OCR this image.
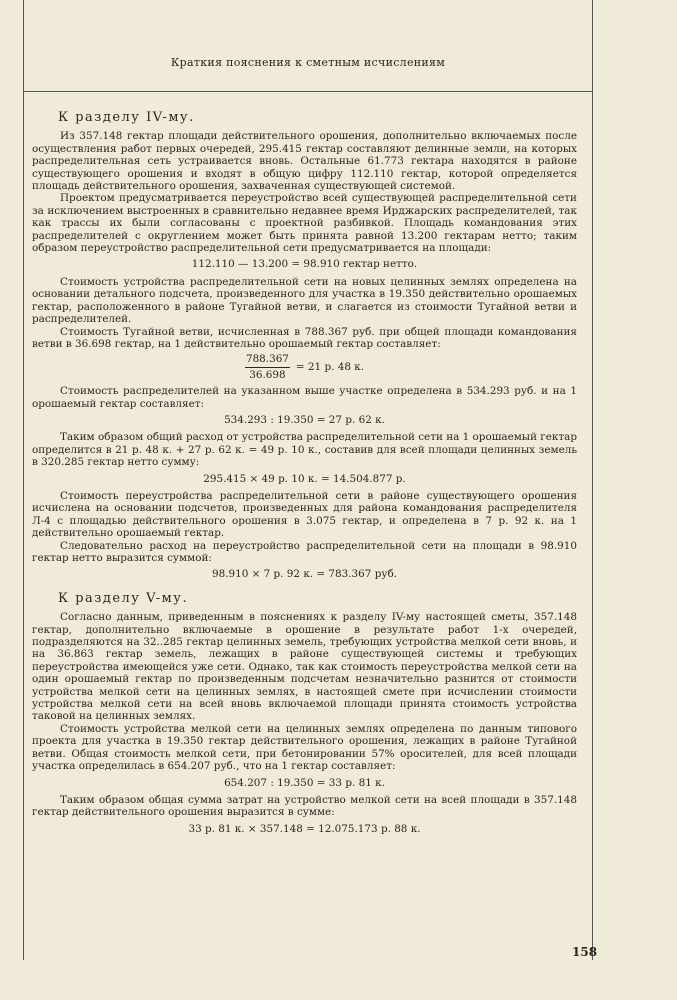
Краткия пояснения к сметным исчислениям
К разделу IV-му.

Из 357.148 гектар площади действительного орошения, дополнительно включаемых после осуществления работ первых очередей, 295.415 гектар составляют делинные земли, на которых распределительная сеть устраивается вновь. Остальные 61.773 гектара находятся в районе существующего орошения и входят в общую цифру 112.110 гектар, которой определяется площадь действительного орошения, захваченная существующей системой.

Проектом предусматривается переустройство всей существующей распределительной сети за исключением выстроенных в сравнительно недавнее время Ирджарских распределителей, так как трассы их были согласованы с проектной разбивкой. Площадь командования этих распределителей с округлением может быть принята равной 13.200 гектарам нетто; таким образом переустройство распределительной сети предусматривается на площади:

112.110 — 13.200 = 98.910 гектар нетто.

Стоимость устройства распределительной сети на новых целинных землях определена на основании детального подсчета, произведенного для участка в 19.350 действительно орошаемых гектар, расположенного в районе Тугайной ветви, и слагается из стоимости Тугайной ветви и распределителей.

Стоимость Тугайной ветви, исчисленная в 788.367 руб. при общей площади командования ветви в 36.698 гектар, на 1 действительно орошаемый гектар составляет:

$\frac{788.367}{36.698} = 21$ р. 48 к.

Стоимость распределителей на указанном выше участке определена в 534.293 руб. и на 1 орошаемый гектар составляет:

534.293 : 19.350 = 27 р. 62 к.

Таким образом общий расход от устройства распределительной сети на 1 орошаемый гектар определится в 21 р. 48 к. + 27 р. 62 к. = 49 р. 10 к., составив для всей площади целинных земель в 320.285 гектар нетто сумму:

295.415 × 49 р. 10 к. = 14.504.877 р.

Стоимость переустройства распределительной сети в районе существующего орошения исчислена на основании подсчетов, произведенных для района командования распределителя Л-4 с площадью действительного орошения в 3.075 гектар, и определена в 7 р. 92 к. на 1 действительно орошаемый гектар.

Следовательно расход на переустройство распределительной сети на площади в 98.910 гектар нетто выразится суммой:

98.910 × 7 р. 92 к. = 783.367 руб.
К разделу V-му.

Согласно данным, приведенным в пояснениях к разделу IV-му настоящей сметы, 357.148 гектар, дополнительно включаемые в орошение в результате работ 1-х очередей, подразделяются на 32..285 гектар целинных земель, требующих устройства мелкой сети вновь, и на 36.863 гектар земель, лежащих в районе существующей системы и требующих переустройства имеющейся уже сети. Однако, так как стоимость переустройства мелкой сети на один орошаемый гектар по произведенным подсчетам незначительно разнится от стоимости устройства мелкой сети на целинных землях, в настоящей смете при исчислении стоимости устройства мелкой сети на всей вновь включаемой площади принята стоимость устройства таковой на целинных землях.

Стоимость устройства мелкой сети на целинных землях определена по данным типового проекта для участка в 19.350 гектар действительного орошения, лежащих в районе Тугайной ветви. Общая стоимость мелкой сети, при бетонировании 57% оросителей, для всей площади участка определилась в 654.207 руб., что на 1 гектар составляет:

654.207 : 19.350 = 33 р. 81 к.

Таким образом общая сумма затрат на устройство мелкой сети на всей площади в 357.148 гектар действительного орошения выразится в сумме:

33 р. 81 к. × 357.148 = 12.075.173 р. 88 к.
158
